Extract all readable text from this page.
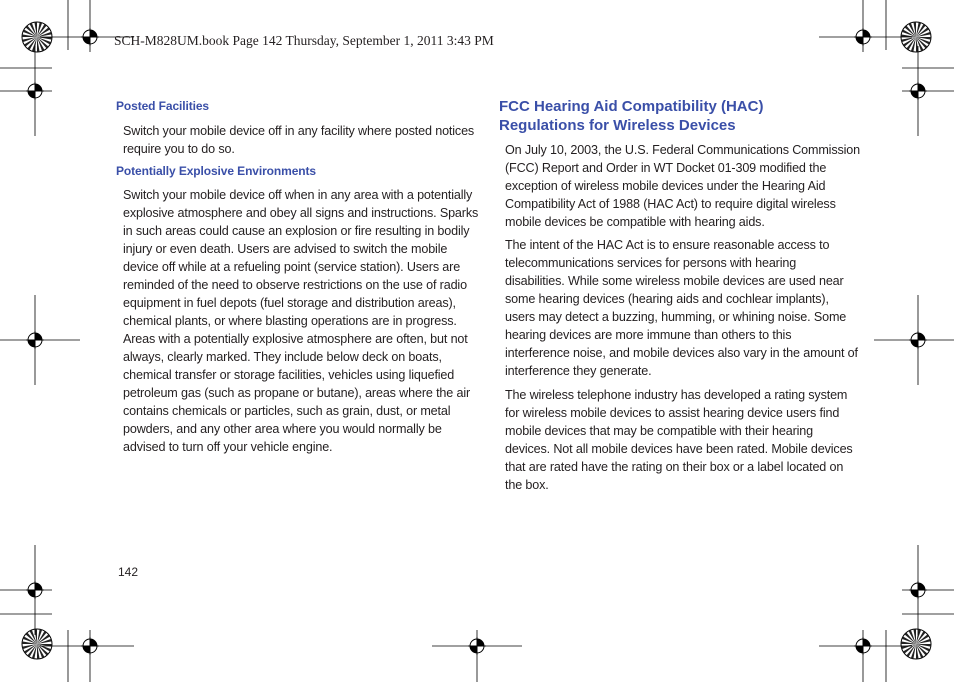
SCH-M828UM.book Page 142 Thursday, September 1, 2011 3:43 PM
Posted Facilities
Switch your mobile device off in any facility where posted notices
require you to do so.
Potentially Explosive Environments
Switch your mobile device off when in any area with a potentially
explosive atmosphere and obey all signs and instructions. Sparks
in such areas could cause an explosion or fire resulting in bodily
injury or even death. Users are advised to switch the mobile
device off while at a refueling point (service station). Users are
reminded of the need to observe restrictions on the use of radio
equipment in fuel depots (fuel storage and distribution areas),
chemical plants, or where blasting operations are in progress.
Areas with a potentially explosive atmosphere are often, but not
always, clearly marked. They include below deck on boats,
chemical transfer or storage facilities, vehicles using liquefied
petroleum gas (such as propane or butane), areas where the air
contains chemicals or particles, such as grain, dust, or metal
powders, and any other area where you would normally be
advised to turn off your vehicle engine.
FCC Hearing Aid Compatibility (HAC)
Regulations for Wireless Devices
On July 10, 2003, the U.S. Federal Communications Commission
(FCC) Report and Order in WT Docket 01-309 modified the
exception of wireless mobile devices under the Hearing Aid
Compatibility Act of 1988 (HAC Act) to require digital wireless
mobile devices be compatible with hearing aids.
The intent of the HAC Act is to ensure reasonable access to
telecommunications services for persons with hearing
disabilities. While some wireless mobile devices are used near
some hearing devices (hearing aids and cochlear implants),
users may detect a buzzing, humming, or whining noise. Some
hearing devices are more immune than others to this
interference noise, and mobile devices also vary in the amount of
interference they generate.
The wireless telephone industry has developed a rating system
for wireless mobile devices to assist hearing device users find
mobile devices that may be compatible with their hearing
devices. Not all mobile devices have been rated. Mobile devices
that are rated have the rating on their box or a label located on
the box.
142
